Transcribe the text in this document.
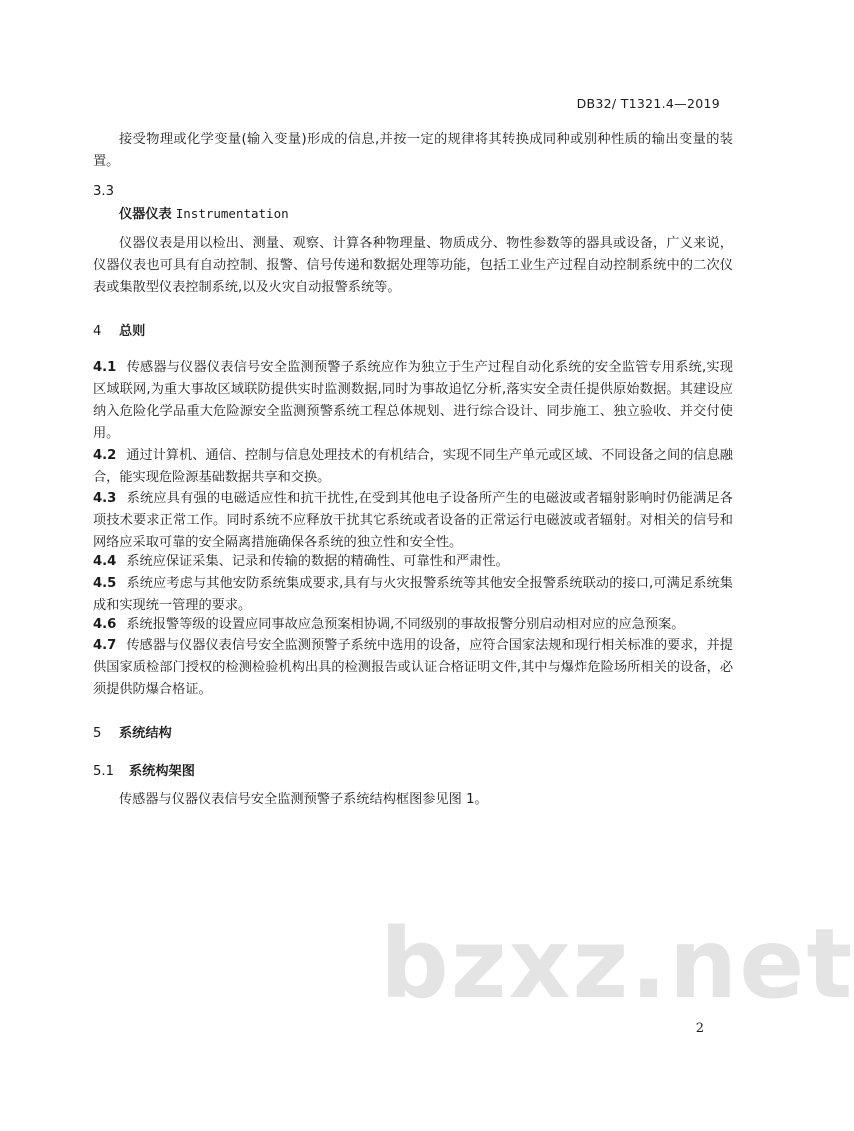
DB32/ T1321.4—2019
接受物理或化学变量(输入变量)形成的信息,并按一定的规律将其转换成同种或别种性质的输出变量的装置。
3.3
仪器仪表 Instrumentation
仪器仪表是用以检出、测量、观察、计算各种物理量、物质成分、物性参数等的器具或设备，广义来说，仪器仪表也可具有自动控制、报警、信号传递和数据处理等功能，包括工业生产过程自动控制系统中的二次仪表或集散型仪表控制系统,以及火灾自动报警系统等。
4 总则
4.1 传感器与仪器仪表信号安全监测预警子系统应作为独立于生产过程自动化系统的安全监管专用系统,实现区域联网,为重大事故区域联防提供实时监测数据,同时为事故追忆分析,落实安全责任提供原始数据。其建设应纳入危险化学品重大危险源安全监测预警系统工程总体规划、进行综合设计、同步施工、独立验收、并交付使用。
4.2 通过计算机、通信、控制与信息处理技术的有机结合，实现不同生产单元或区域、不同设备之间的信息融合，能实现危险源基础数据共享和交换。
4.3 系统应具有强的电磁适应性和抗干扰性,在受到其他电子设备所产生的电磁波或者辐射影响时仍能满足各项技术要求正常工作。同时系统不应释放干扰其它系统或者设备的正常运行电磁波或者辐射。对相关的信号和网络应采取可靠的安全隔离措施确保各系统的独立性和安全性。
4.4 系统应保证采集、记录和传输的数据的精确性、可靠性和严肃性。
4.5 系统应考虑与其他安防系统集成要求,具有与火灾报警系统等其他安全报警系统联动的接口,可满足系统集成和实现统一管理的要求。
4.6 系统报警等级的设置应同事故应急预案相协调,不同级别的事故报警分别启动相对应的应急预案。
4.7 传感器与仪器仪表信号安全监测预警子系统中选用的设备，应符合国家法规和现行相关标准的要求，并提供国家质检部门授权的检测检验机构出具的检测报告或认证合格证明文件,其中与爆炸危险场所相关的设备，必须提供防爆合格证。
5 系统结构
5.1 系统构架图
传感器与仪器仪表信号安全监测预警子系统结构框图参见图 1。
bzxz.net
2
